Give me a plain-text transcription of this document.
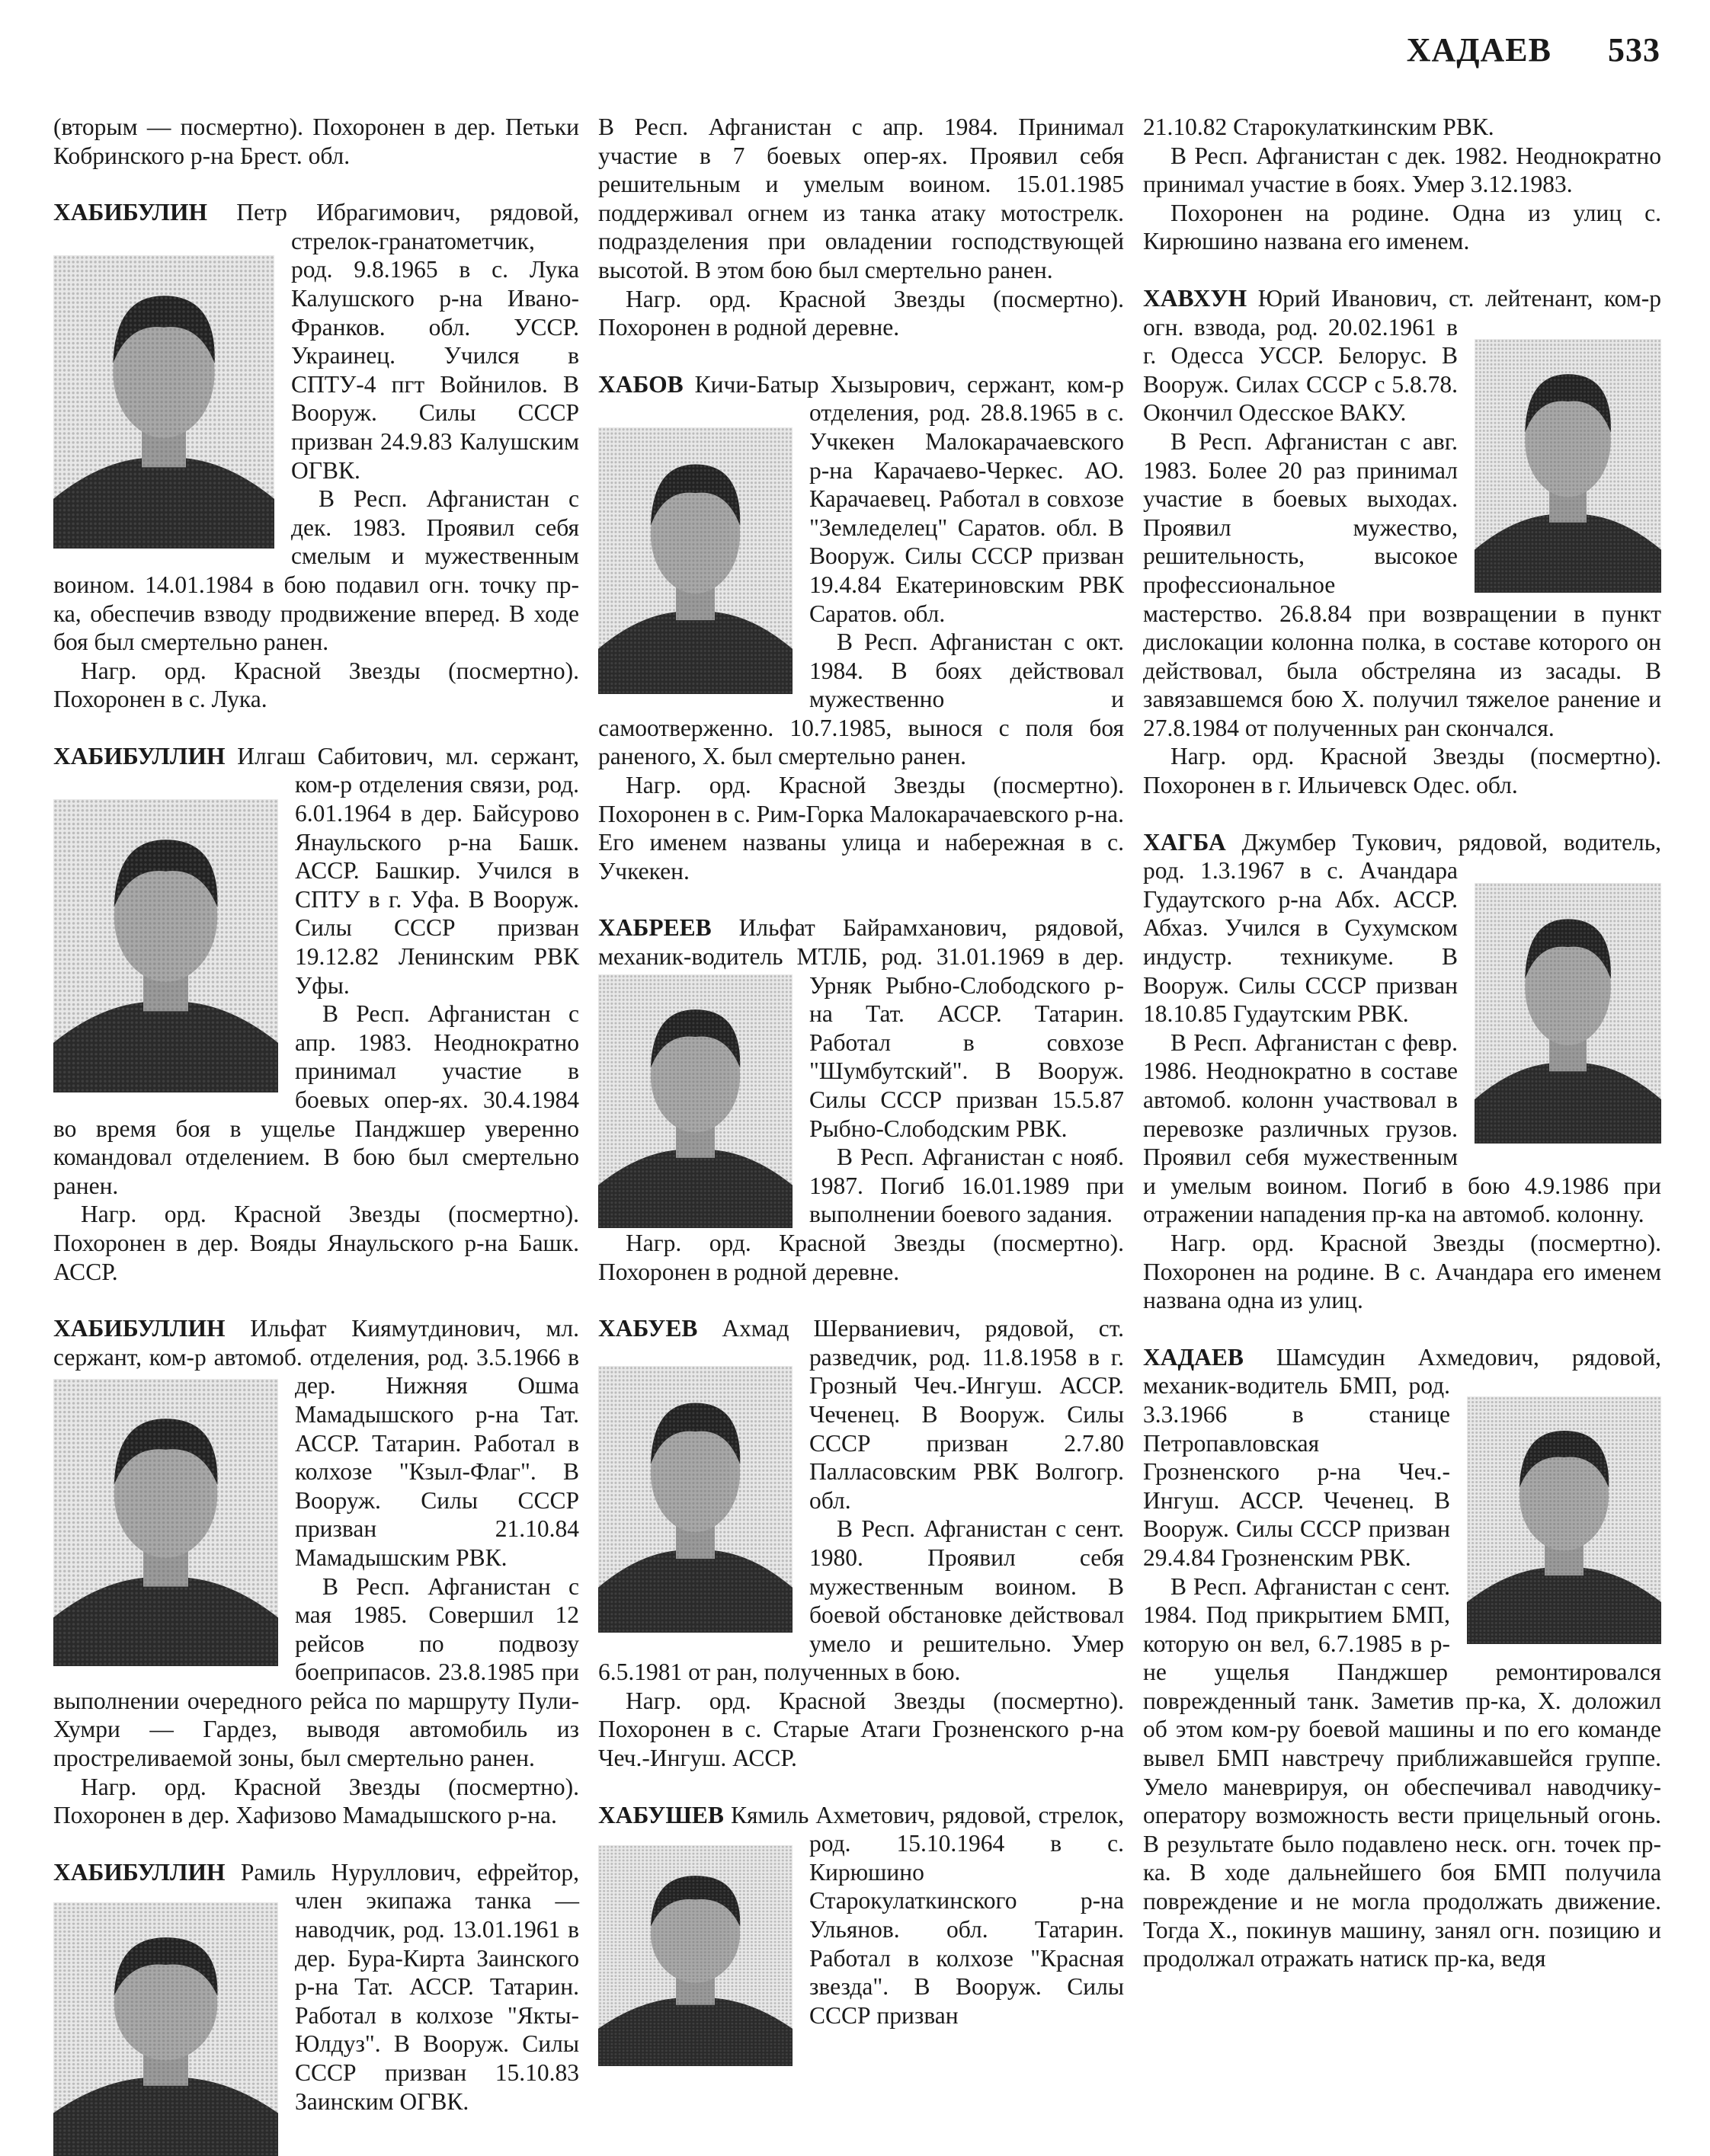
ХАДАЕВ 533

(вторым — посмертно). Похоронен в дер. Петьки Кобринского р-на Брест. обл.

ХАБИБУЛИН Петр Ибрагимович, рядовой, стрелок-гранатометчик, род. 9.8.1965 в с. Лука Калушского р-на Ивано-Франков. обл. УССР. Украинец. Учился в СПТУ-4 пгт Войнилов. В Вооруж. Силы СССР призван 24.9.83 Калушским ОГВК.

В Респ. Афганистан с дек. 1983. Проявил себя смелым и мужественным воином. 14.01.1984 в бою подавил огн. точку пр-ка, обеспечив взводу продвижение вперед. В ходе боя был смертельно ранен.

Нагр. орд. Красной Звезды (посмертно). Похоронен в с. Лука.

ХАБИБУЛЛИН Илгаш Сабитович, мл. сержант, ком-р отделения связи, род. 6.01.1964 в дер. Байсурово Янаульского р-на Башк. АССР. Башкир. Учился в СПТУ в г. Уфа. В Вооруж. Силы СССР призван 19.12.82 Ленинским РВК Уфы.

В Респ. Афганистан с апр. 1983. Неоднократно принимал участие в боевых опер-ях. 30.4.1984 во время боя в ущелье Панджшер уверенно командовал отделением. В бою был смертельно ранен.

Нагр. орд. Красной Звезды (посмертно). Похоронен в дер. Вояды Янаульского р-на Башк. АССР.

ХАБИБУЛЛИН Ильфат Киямутдинович, мл. сержант, ком-р автомоб. отделения, род. 3.5.1966 в дер. Нижняя Ошма Мамадышского р-на Тат. АССР. Татарин. Работал в колхозе "Кзыл-Флаг". В Вооруж. Силы СССР призван 21.10.84 Мамадышским РВК.

В Респ. Афганистан с мая 1985. Совершил 12 рейсов по подвозу боеприпасов. 23.8.1985 при выполнении очередного рейса по маршруту Пули-Хумри — Гардез, выводя автомобиль из простреливаемой зоны, был смертельно ранен.

Нагр. орд. Красной Звезды (посмертно). Похоронен в дер. Хафизово Мамадышского р-на.

ХАБИБУЛЛИН Рамиль Нуруллович, ефрейтор, член экипажа танка — наводчик, род. 13.01.1961 в дер. Бура-Кирта Заинского р-на Тат. АССР. Татарин. Работал в колхозе "Якты-Юлдуз". В Вооруж. Силы СССР призван 15.10.83 Заинским ОГВК.

В Респ. Афганистан с апр. 1984. Принимал участие в 7 боевых опер-ях. Проявил себя решительным и умелым воином. 15.01.1985 поддерживал огнем из танка атаку мотострелк. подразделения при овладении господствующей высотой. В этом бою был смертельно ранен.

Нагр. орд. Красной Звезды (посмертно). Похоронен в родной деревне.

ХАБОВ Кичи-Батыр Хызырович, сержант, ком-р отделения, род. 28.8.1965 в с. Учкекен Малокарачаевского р-на Карачаево-Черкес. АО. Карачаевец. Работал в совхозе "Земледелец" Саратов. обл. В Вооруж. Силы СССР призван 19.4.84 Екатериновским РВК Саратов. обл.

В Респ. Афганистан с окт. 1984. В боях действовал мужественно и самоотверженно. 10.7.1985, вынося с поля боя раненого, Х. был смертельно ранен.

Нагр. орд. Красной Звезды (посмертно). Похоронен в с. Рим-Горка Малокарачаевского р-на. Его именем названы улица и набережная в с. Учкекен.

ХАБРЕЕВ Ильфат Байрамханович, рядовой, механик-водитель МТЛБ, род. 31.01.1969 в дер. Урняк Рыбно-Слободского р-на Тат. АССР. Татарин. Работал в совхозе "Шумбутский". В Вооруж. Силы СССР призван 15.5.87 Рыбно-Слободским РВК.

В Респ. Афганистан с нояб. 1987. Погиб 16.01.1989 при выполнении боевого задания.

Нагр. орд. Красной Звезды (посмертно). Похоронен в родной деревне.

ХАБУЕВ Ахмад Шерваниевич, рядовой, ст. разведчик, род. 11.8.1958 в г. Грозный Чеч.-Ингуш. АССР. Чеченец. В Вооруж. Силы СССР призван 2.7.80 Палласовским РВК Волгогр. обл.

В Респ. Афганистан с сент. 1980. Проявил себя мужественным воином. В боевой обстановке действовал умело и решительно. Умер 6.5.1981 от ран, полученных в бою.

Нагр. орд. Красной Звезды (посмертно). Похоронен в с. Старые Атаги Грозненского р-на Чеч.-Ингуш. АССР.

ХАБУШЕВ Кямиль Ахметович, рядовой, стрелок, род. 15.10.1964 в с. Кирюшино Старокулаткинского р-на Ульянов. обл. Татарин. Работал в колхозе "Красная звезда". В Вооруж. Силы СССР призван

21.10.82 Старокулаткинским РВК.

В Респ. Афганистан с дек. 1982. Неоднократно принимал участие в боях. Умер 3.12.1983.

Похоронен на родине. Одна из улиц с. Кирюшино названа его именем.

ХАВХУН Юрий Иванович, ст. лейтенант, ком-р огн. взвода, род. 20.02.1961 в г. Одесса УССР. Белорус. В Вооруж. Силах СССР с 5.8.78. Окончил Одесское ВАКУ.

В Респ. Афганистан с авг. 1983. Более 20 раз принимал участие в боевых выходах. Проявил мужество, решительность, высокое профессиональное мастерство. 26.8.84 при возвращении в пункт дислокации колонна полка, в составе которого он действовал, была обстреляна из засады. В завязавшемся бою Х. получил тяжелое ранение и 27.8.1984 от полученных ран скончался.

Нагр. орд. Красной Звезды (посмертно). Похоронен в г. Ильичевск Одес. обл.

ХАГБА Джумбер Тукович, рядовой, водитель, род. 1.3.1967 в с. Ачандара Гудаутского р-на Абх. АССР. Абхаз. Учился в Сухумском индустр. техникуме. В Вооруж. Силы СССР призван 18.10.85 Гудаутским РВК.

В Респ. Афганистан с февр. 1986. Неоднократно в составе автомоб. колонн участвовал в перевозке различных грузов. Проявил себя мужественным и умелым воином. Погиб в бою 4.9.1986 при отражении нападения пр-ка на автомоб. колонну.

Нагр. орд. Красной Звезды (посмертно). Похоронен на родине. В с. Ачандара его именем названа одна из улиц.

ХАДАЕВ Шамсудин Ахмедович, рядовой, механик-водитель БМП, род. 3.3.1966 в станице Петропавловская Грозненского р-на Чеч.-Ингуш. АССР. Чеченец. В Вооруж. Силы СССР призван 29.4.84 Грозненским РВК.

В Респ. Афганистан с сент. 1984. Под прикрытием БМП, которую он вел, 6.7.1985 в р-не ущелья Панджшер ремонтировался поврежденный танк. Заметив пр-ка, Х. доложил об этом ком-ру боевой машины и по его команде вывел БМП навстречу приближавшейся группе. Умело маневрируя, он обеспечивал наводчику-оператору возможность вести прицельный огонь. В результате было подавлено неск. огн. точек пр-ка. В ходе дальнейшего боя БМП получила повреждение и не могла продолжать движение. Тогда Х., покинув машину, занял огн. позицию и продолжал отражать натиск пр-ка, ведя
